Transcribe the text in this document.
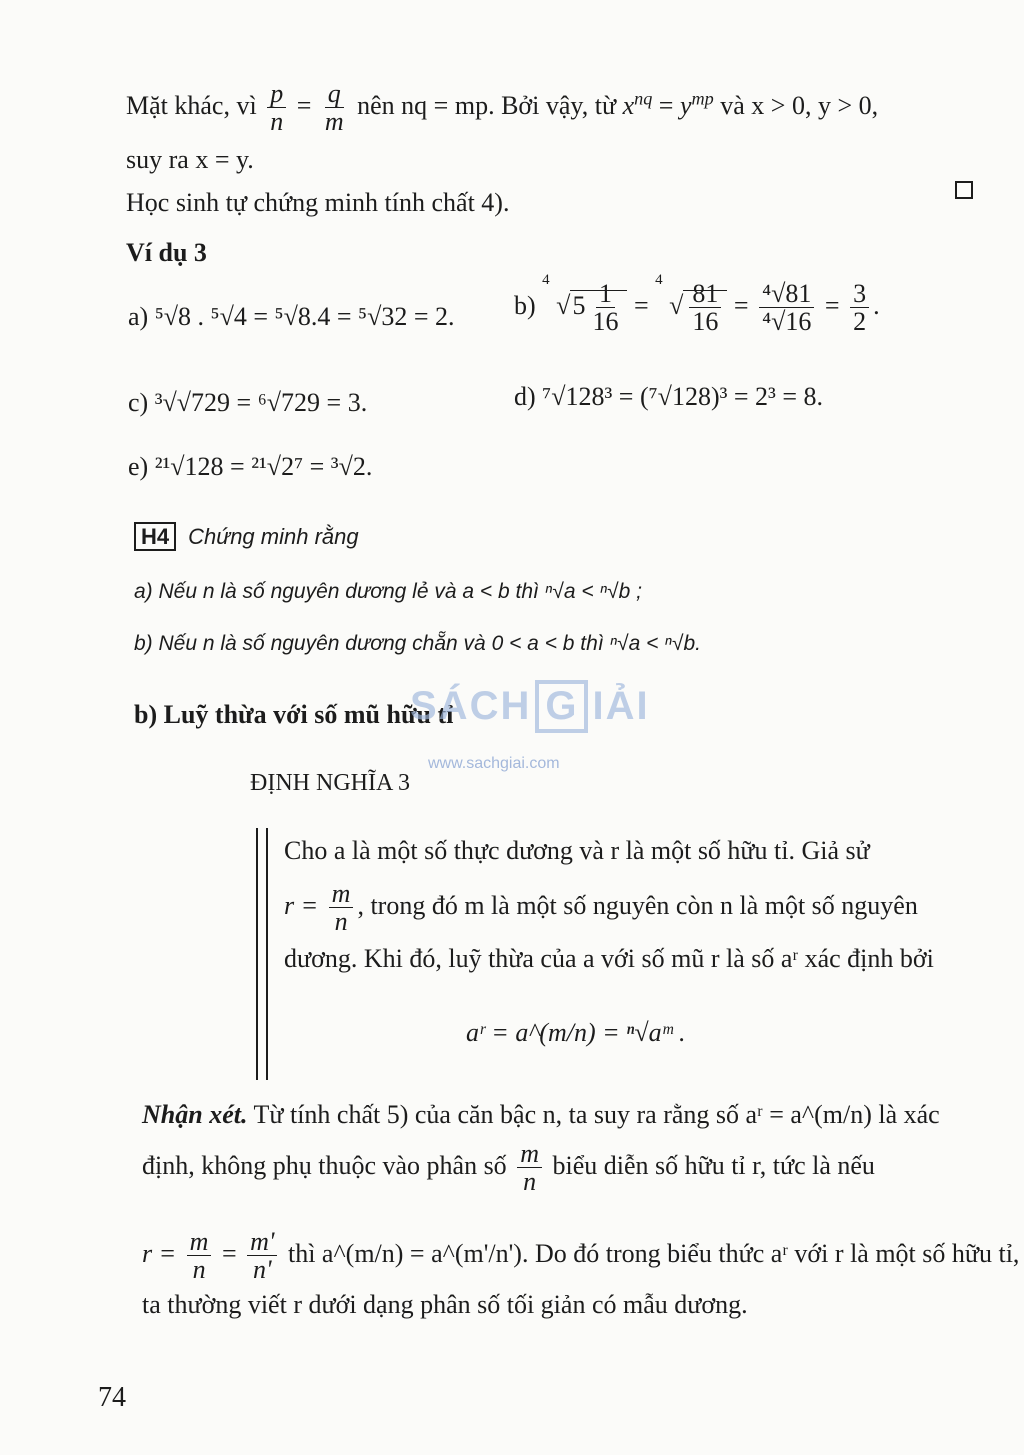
Mặt khác, vì $\frac{p}{n} = \frac{q}{m}$ nên nq = mp. Bởi vậy, từ $x^{nq} = y^{mp}$ và x > 0, y > 0,
suy ra x = y.
Học sinh tự chứng minh tính chất 4).
Ví dụ 3
a) ⁵√8 . ⁵√4 = ⁵√8.4 = ⁵√32 = 2. b)
4
$√5 \frac{1}{16}$ =
4
√ $\frac{81}{16} = \frac{\text{⁴√81}}{\text{⁴√16}} = \frac{3}{2}$ .
c) ³√√729 = ⁶√729 = 3.	d) ⁷√128³ = (⁷√128)³ = 2³ = 8.
e) ²¹√128 = ²¹√2⁷ = ³√2.
H4 Chứng minh rằng
a) Nếu n là số nguyên dương lẻ và a < b thì ⁿ√a < ⁿ√b ;
b) Nếu n là số nguyên dương chẵn và 0 < a < b thì ⁿ√a < ⁿ√b.
b) Luỹ thừa với số mũ hữu tỉ
SÁCH G IẢI
www.sachgiai.com
ĐỊNH NGHĨA 3
Cho a là một số thực dương và r là một số hữu tỉ. Giả sử
$r = \frac{m}{n}$ , trong đó m là một số nguyên còn n là một số nguyên
dương. Khi đó, luỹ thừa của a với số mũ r là số aʳ xác định bởi
aʳ = a^(m/n) = ⁿ√aᵐ .
Nhận xét. Từ tính chất 5) của căn bậc n, ta suy ra rằng số aʳ = a^(m/n) là xác
định, không phụ thuộc vào phân số $\frac{m}{n}$ biểu diễn số hữu tỉ r, tức là nếu
$r = \frac{m}{n} = \frac{m'}{n'}$ thì a^(m/n) = a^(m'/n'). Do đó trong biểu thức aʳ với r là một số hữu tỉ,
ta thường viết r dưới dạng phân số tối giản có mẫu dương.
74
